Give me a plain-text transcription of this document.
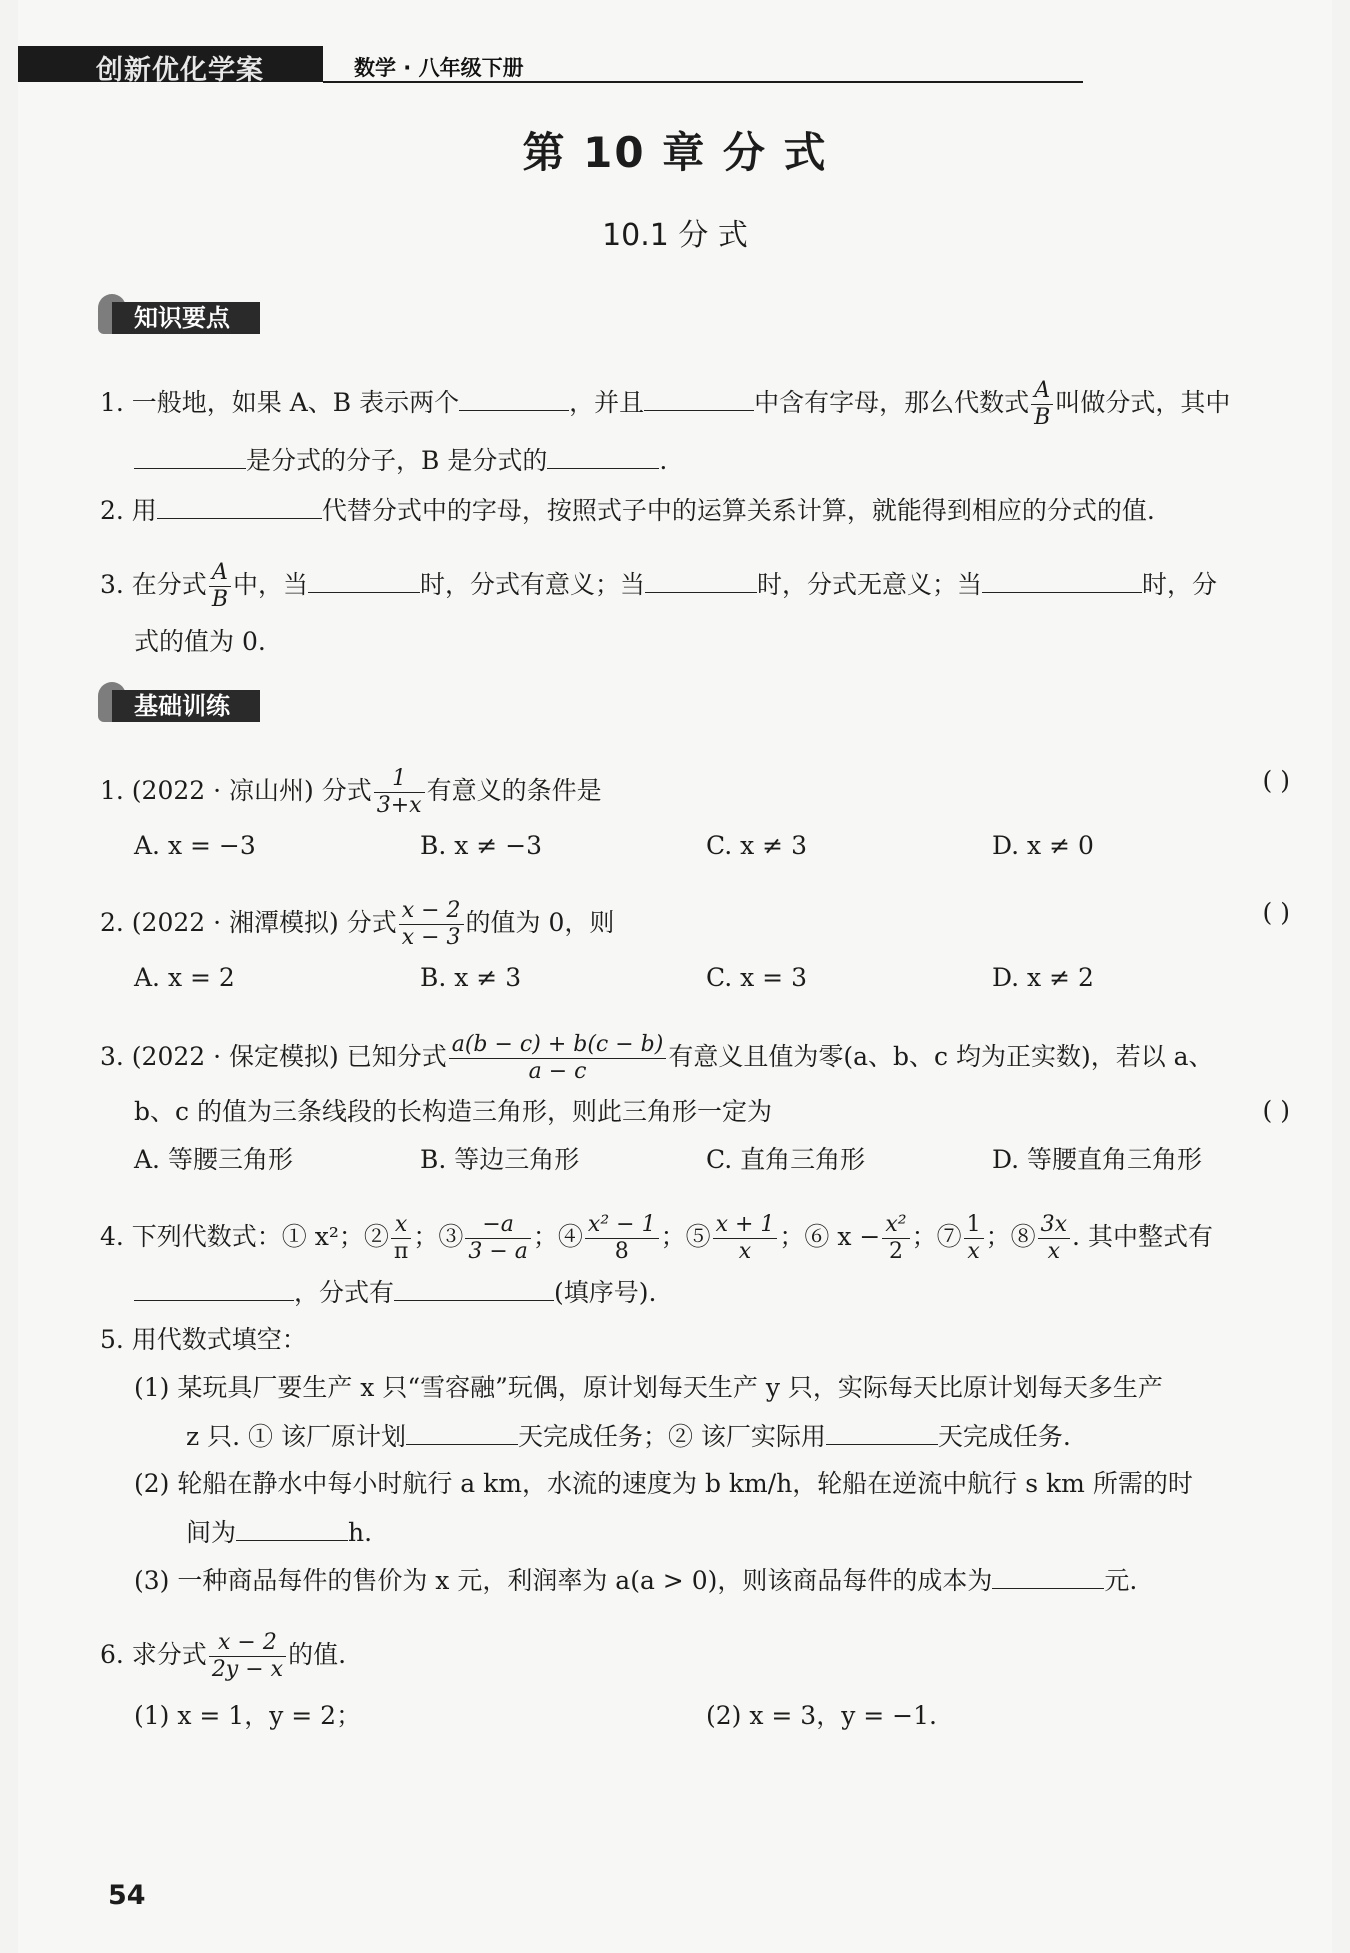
创新优化学案	数学 · 八年级下册
第 10 章 分 式
10.1 分 式
知识要点
1. 一般地，如果 A、B 表示两个	，并且	中含有字母，那么代数式 $\frac{A}{B}$ 叫做分式，其中
是分式的分子，B 是分式的	.
2. 用	代替分式中的字母，按照式子中的运算关系计算，就能得到相应的分式的值.
3. 在分式 $\frac{A}{B}$ 中，当	时，分式有意义；当	时，分式无意义；当	时，分
式的值为 0.
基础训练
1. (2022 · 凉山州) 分式 $\frac{1}{3+x}$ 有意义的条件是	( )
A. x = −3	B. x ≠ −3	C. x ≠ 3	D. x ≠ 0
2. (2022 · 湘潭模拟) 分式 $\frac{x - 2}{x - 3}$ 的值为 0，则	( )
A. x = 2	B. x ≠ 3	C. x = 3	D. x ≠ 2
3. (2022 · 保定模拟) 已知分式 $\frac{a(b - c) + b(c - b)}{a - c}$ 有意义且值为零(a、b、c 均为正实数)，若以 a、
b、c 的值为三条线段的长构造三角形，则此三角形一定为	( )
A. 等腰三角形	B. 等边三角形	C. 直角三角形	D. 等腰直角三角形
4. 下列代数式：① x²；② $\frac{x}{\pi}$ ；③ $\frac{-a}{3 - a}$ ；④ $\frac{\text{x² − 1}}{8}$ ；⑤ $\frac{x + 1}{x}$ ；⑥ $x - \frac{\text{x²}}{2}$ ；⑦ $\frac{1}{x}$ ；⑧ $\frac{3x}{x}$ . 其中整式有
，分式有	(填序号).
5. 用代数式填空：
(1) 某玩具厂要生产 x 只“雪容融”玩偶，原计划每天生产 y 只，实际每天比原计划每天多生产
z 只. ① 该厂原计划	天完成任务；② 该厂实际用	天完成任务.
(2) 轮船在静水中每小时航行 a km，水流的速度为 b km/h，轮船在逆流中航行 s km 所需的时
间为	h.
(3) 一种商品每件的售价为 x 元，利润率为 a(a > 0)，则该商品每件的成本为	元.
6. 求分式 $\frac{x - 2}{2y - x}$ 的值.
(1) x = 1，y = 2；	(2) x = 3，y = −1.
54
